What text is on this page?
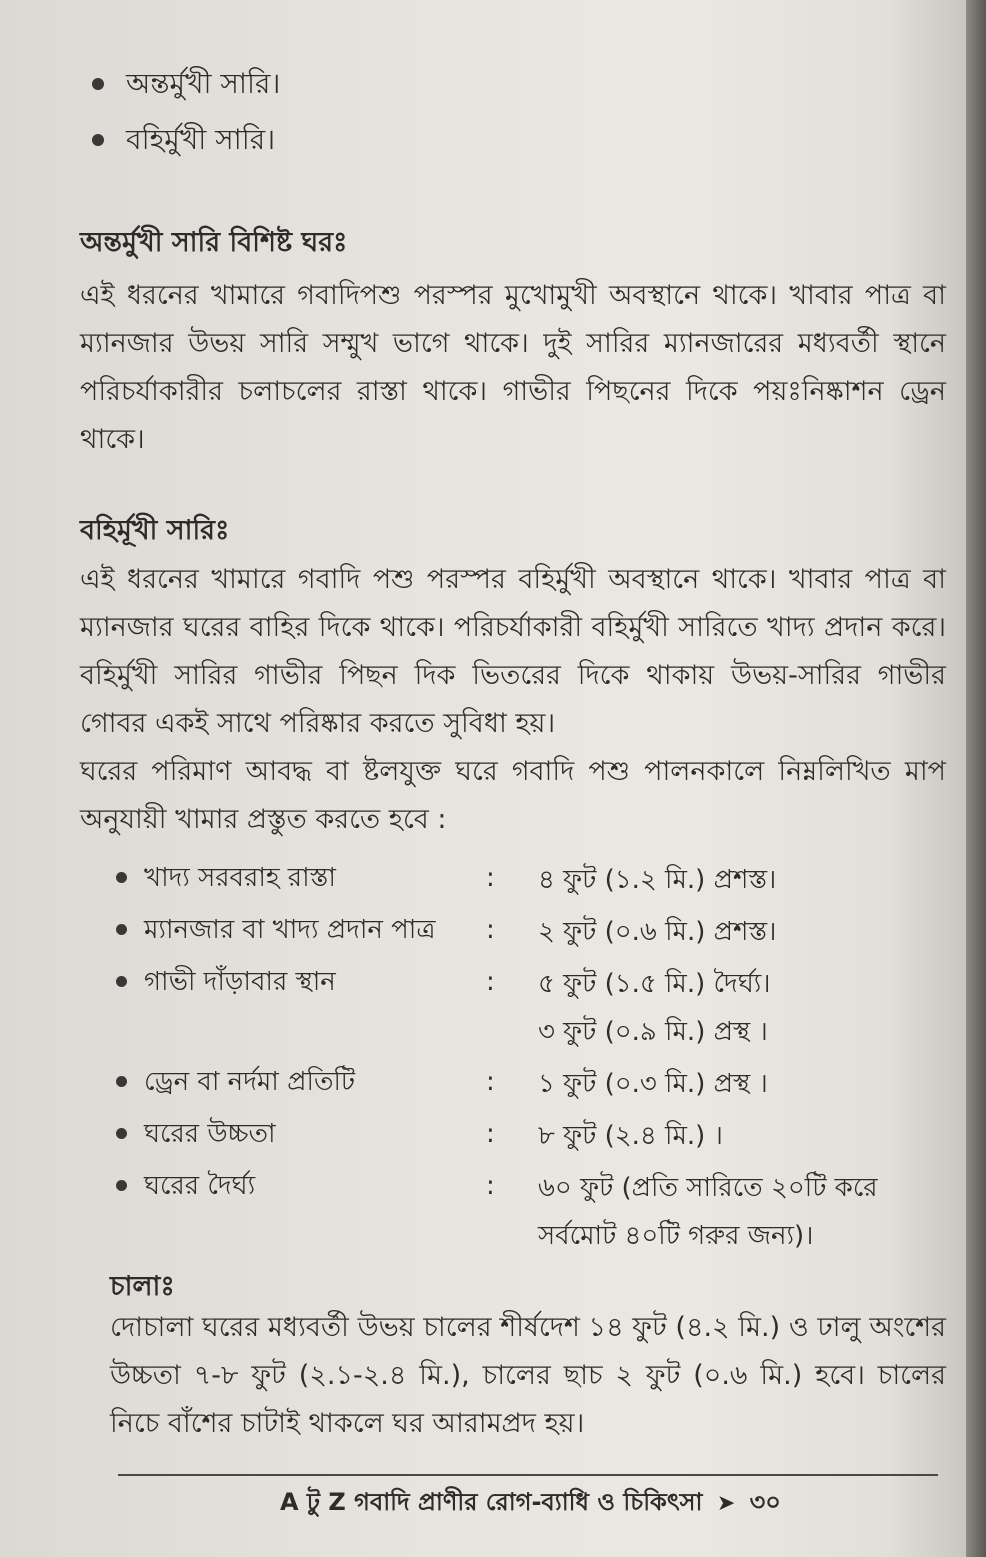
অন্তর্মুখী সারি।
বহির্মুখী সারি।
অন্তর্মুখী সারি বিশিষ্ট ঘরঃ
এই ধরনের খামারে গবাদিপশু পরস্পর মুখোমুখী অবস্থানে থাকে। খাবার পাত্র বা ম্যানজার উভয় সারি সম্মুখ ভাগে থাকে। দুই সারির ম্যানজারের মধ্যবর্তী স্থানে পরিচর্যাকারীর চলাচলের রাস্তা থাকে। গাভীর পিছনের দিকে পয়ঃনিষ্কাশন ড্রেন থাকে।
বহির্মূখী সারিঃ
এই ধরনের খামারে গবাদি পশু পরস্পর বহির্মুখী অবস্থানে থাকে। খাবার পাত্র বা ম্যানজার ঘরের বাহির দিকে থাকে। পরিচর্যাকারী বহির্মুখী সারিতে খাদ্য প্রদান করে। বহির্মুখী সারির গাভীর পিছন দিক ভিতরের দিকে থাকায় উভয়-সারির গাভীর গোবর একই সাথে পরিষ্কার করতে সুবিধা হয়।
ঘরের পরিমাণ আবদ্ধ বা ষ্টলযুক্ত ঘরে গবাদি পশু পালনকালে নিম্নলিখিত মাপ অনুযায়ী খামার প্রস্তুত করতে হবে :
খাদ্য সরবরাহ রাস্তা	: ৪ ফুট (১.২ মি.) প্রশস্ত।
ম্যানজার বা খাদ্য প্রদান পাত্র : ২ ফুট (০.৬ মি.) প্রশস্ত।
গাভী দাঁড়াবার স্থান	: ৫ ফুট (১.৫ মি.) দৈর্ঘ্য।
৩ ফুট (০.৯ মি.) প্রস্থ ।
ড্রেন বা নর্দমা প্রতিটি	: ১ ফুট (০.৩ মি.) প্রস্থ ।
ঘরের উচ্চতা	: ৮ ফুট (২.৪ মি.) ।
ঘরের দৈর্ঘ্য	: ৬০ ফুট (প্রতি সারিতে ২০টি করে সর্বমোট ৪০টি গরুর জন্য)।
চালাঃ
দোচালা ঘরের মধ্যবর্তী উভয় চালের শীর্ষদেশ ১৪ ফুট (৪.২ মি.) ও ঢালু অংশের উচ্চতা ৭-৮ ফুট (২.১-২.৪ মি.), চালের ছাচ ২ ফুট (০.৬ মি.) হবে। চালের নিচে বাঁশের চাটাই থাকলে ঘর আরামপ্রদ হয়।
A টু Z গবাদি প্রাণীর রোগ-ব্যাধি ও চিকিৎসা ➤ ৩০
